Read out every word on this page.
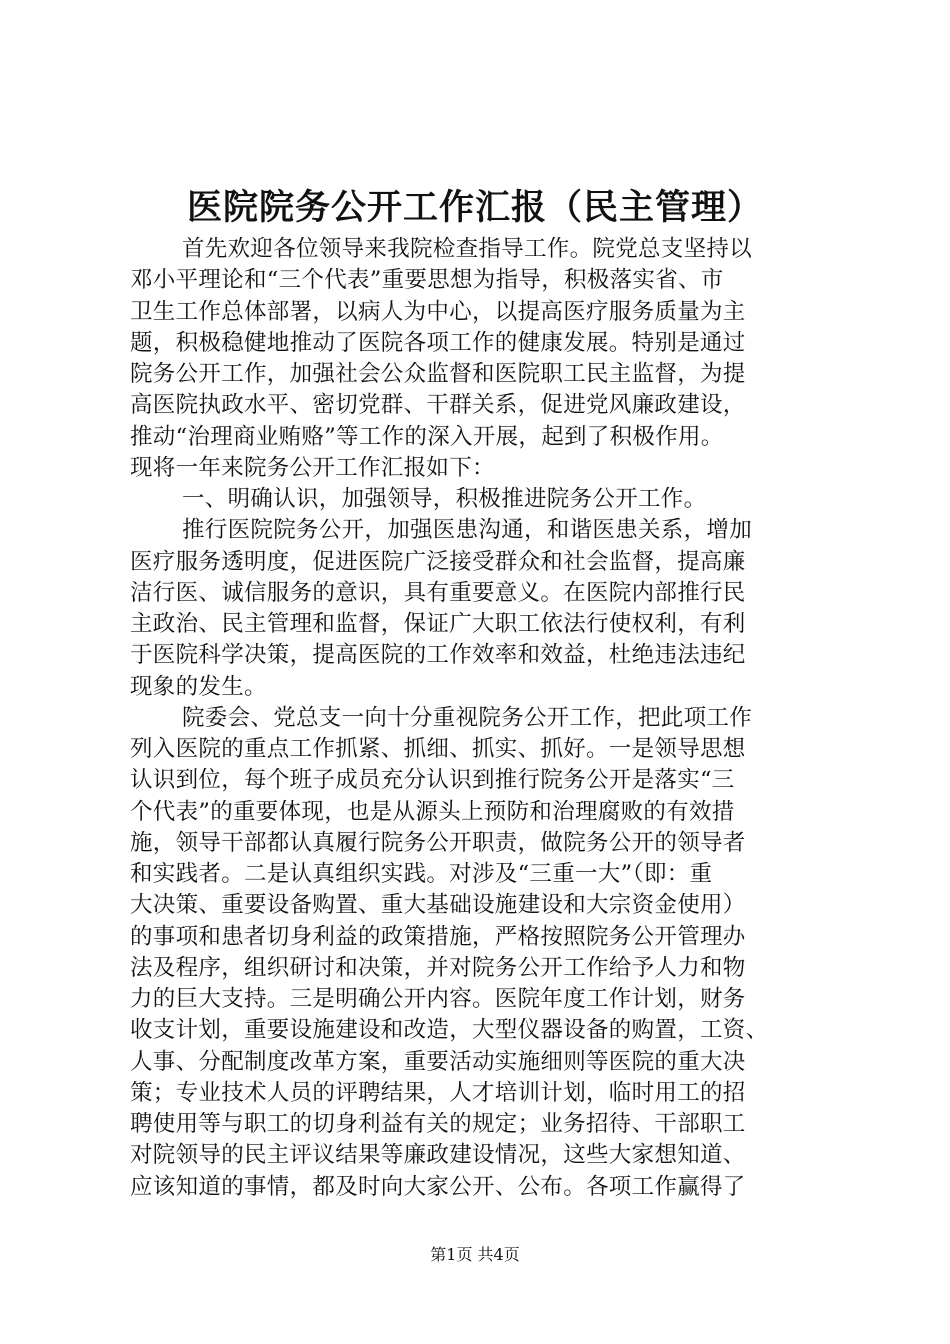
医院院务公开工作汇报（民主管理）
首先欢迎各位领导来我院检查指导工作。院党总支坚持以
邓小平理论和“三个代表”重要思想为指导，积极落实省、市
卫生工作总体部署，以病人为中心，以提高医疗服务质量为主
题，积极稳健地推动了医院各项工作的健康发展。特别是通过
院务公开工作，加强社会公众监督和医院职工民主监督，为提
高医院执政水平、密切党群、干群关系，促进党风廉政建设，
推动“治理商业贿赂”等工作的深入开展，起到了积极作用。
现将一年来院务公开工作汇报如下：
一、明确认识，加强领导，积极推进院务公开工作。
推行医院院务公开，加强医患沟通，和谐医患关系，增加
医疗服务透明度，促进医院广泛接受群众和社会监督，提高廉
洁行医、诚信服务的意识，具有重要意义。在医院内部推行民
主政治、民主管理和监督，保证广大职工依法行使权利，有利
于医院科学决策，提高医院的工作效率和效益，杜绝违法违纪
现象的发生。
院委会、党总支一向十分重视院务公开工作，把此项工作
列入医院的重点工作抓紧、抓细、抓实、抓好。一是领导思想
认识到位，每个班子成员充分认识到推行院务公开是落实“三
个代表”的重要体现，也是从源头上预防和治理腐败的有效措
施，领导干部都认真履行院务公开职责，做院务公开的领导者
和实践者。二是认真组织实践。对涉及“三重一大”（即：重
大决策、重要设备购置、重大基础设施建设和大宗资金使用）
的事项和患者切身利益的政策措施，严格按照院务公开管理办
法及程序，组织研讨和决策，并对院务公开工作给予人力和物
力的巨大支持。三是明确公开内容。医院年度工作计划，财务
收支计划，重要设施建设和改造，大型仪器设备的购置，工资、
人事、分配制度改革方案，重要活动实施细则等医院的重大决
策；专业技术人员的评聘结果，人才培训计划，临时用工的招
聘使用等与职工的切身利益有关的规定；业务招待、干部职工
对院领导的民主评议结果等廉政建设情况，这些大家想知道、
应该知道的事情，都及时向大家公开、公布。各项工作赢得了
第1页 共4页
